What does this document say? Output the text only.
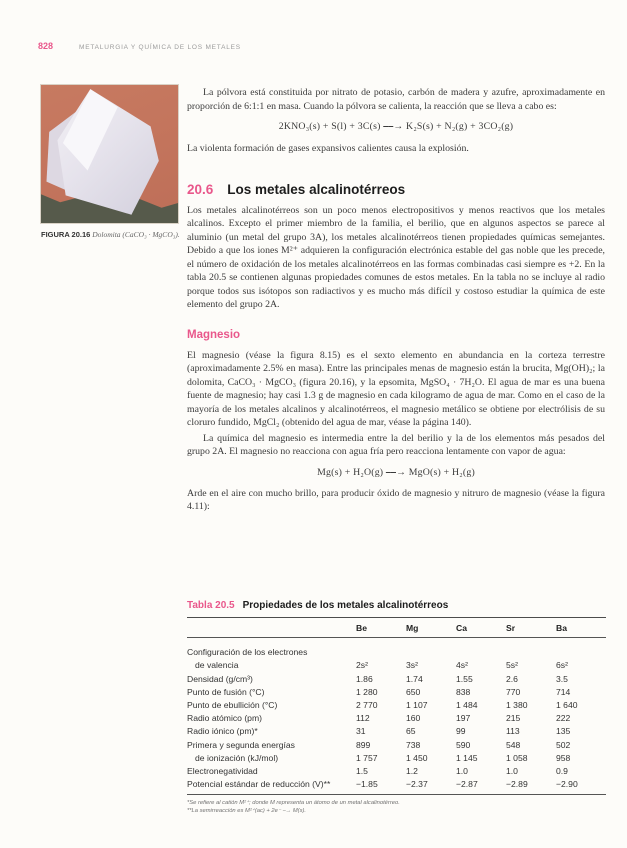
828	METALURGIA Y QUÍMICA DE LOS METALES

FIGURA 20.16 Dolomita (CaCO₃ · MgCO₃).

La pólvora está constituida por nitrato de potasio, carbón de madera y azufre, aproximadamente en proporción de 6:1:1 en masa. Cuando la pólvora se calienta, la reacción que se lleva a cabo es:

2KNO₃(s) + S(l) + 3C(s) ⎯⎯→ K₂S(s) + N₂(g) + 3CO₂(g)

La violenta formación de gases expansivos calientes causa la explosión.

20.6 Los metales alcalinotérreos

Los metales alcalinotérreos son un poco menos electropositivos y menos reactivos que los metales alcalinos. Excepto el primer miembro de la familia, el berilio, que en algunos aspectos se parece al aluminio (un metal del grupo 3A), los metales alcalinotérreos tienen propiedades químicas semejantes. Debido a que los iones M²⁺ adquieren la configuración electrónica estable del gas noble que les precede, el número de oxidación de los metales alcalinotérreos en las formas combinadas casi siempre es +2. En la tabla 20.5 se contienen algunas propiedades comunes de estos metales. En la tabla no se incluye al radio porque todos sus isótopos son radiactivos y es mucho más difícil y costoso estudiar la química de este elemento del grupo 2A.

Magnesio

El magnesio (véase la figura 8.15) es el sexto elemento en abundancia en la corteza terrestre (aproximadamente 2.5% en masa). Entre las principales menas de magnesio están la brucita, Mg(OH)₂; la dolomita, CaCO₃ · MgCO₃ (figura 20.16), y la epsomita, MgSO₄ · 7H₂O. El agua de mar es una buena fuente de magnesio; hay casi 1.3 g de magnesio en cada kilogramo de agua de mar. Como en el caso de la mayoría de los metales alcalinos y alcalinotérreos, el magnesio metálico se obtiene por electrólisis de su cloruro fundido, MgCl₂ (obtenido del agua de mar, véase la página 140).

La química del magnesio es intermedia entre la del berilio y la de los elementos más pesados del grupo 2A. El magnesio no reacciona con agua fría pero reacciona lentamente con vapor de agua:

Mg(s) + H₂O(g) ⎯⎯→ MgO(s) + H₂(g)

Arde en el aire con mucho brillo, para producir óxido de magnesio y nitruro de magnesio (véase la figura 4.11):

Tabla 20.5 Propiedades de los metales alcalinotérreos

Be	Mg	Ca	Sr	Ba
Configuración de los electrones
de valencia	2s²	3s²	4s²	5s²	6s²
Densidad (g/cm³)	1.86	1.74	1.55	2.6	3.5
Punto de fusión (°C)	1 280	650	838	770	714
Punto de ebullición (°C)	2 770	1 107	1 484	1 380	1 640
Radio atómico (pm)	112	160	197	215	222
Radio iónico (pm)*	31	65	99	113	135
Primera y segunda energías	899	738	590	548	502
de ionización (kJ/mol)	1 757	1 450	1 145	1 058	958
Electronegatividad	1.5	1.2	1.0	1.0	0.9
Potencial estándar de reducción (V)**	−1.85	−2.37	−2.87	−2.89	−2.90

*Se refiere al catión M²⁺; donde M representa un átomo de un metal alcalinotérreo.

**La semirreacción es M²⁺(ac) + 2e⁻ ⎯→ M(s).
